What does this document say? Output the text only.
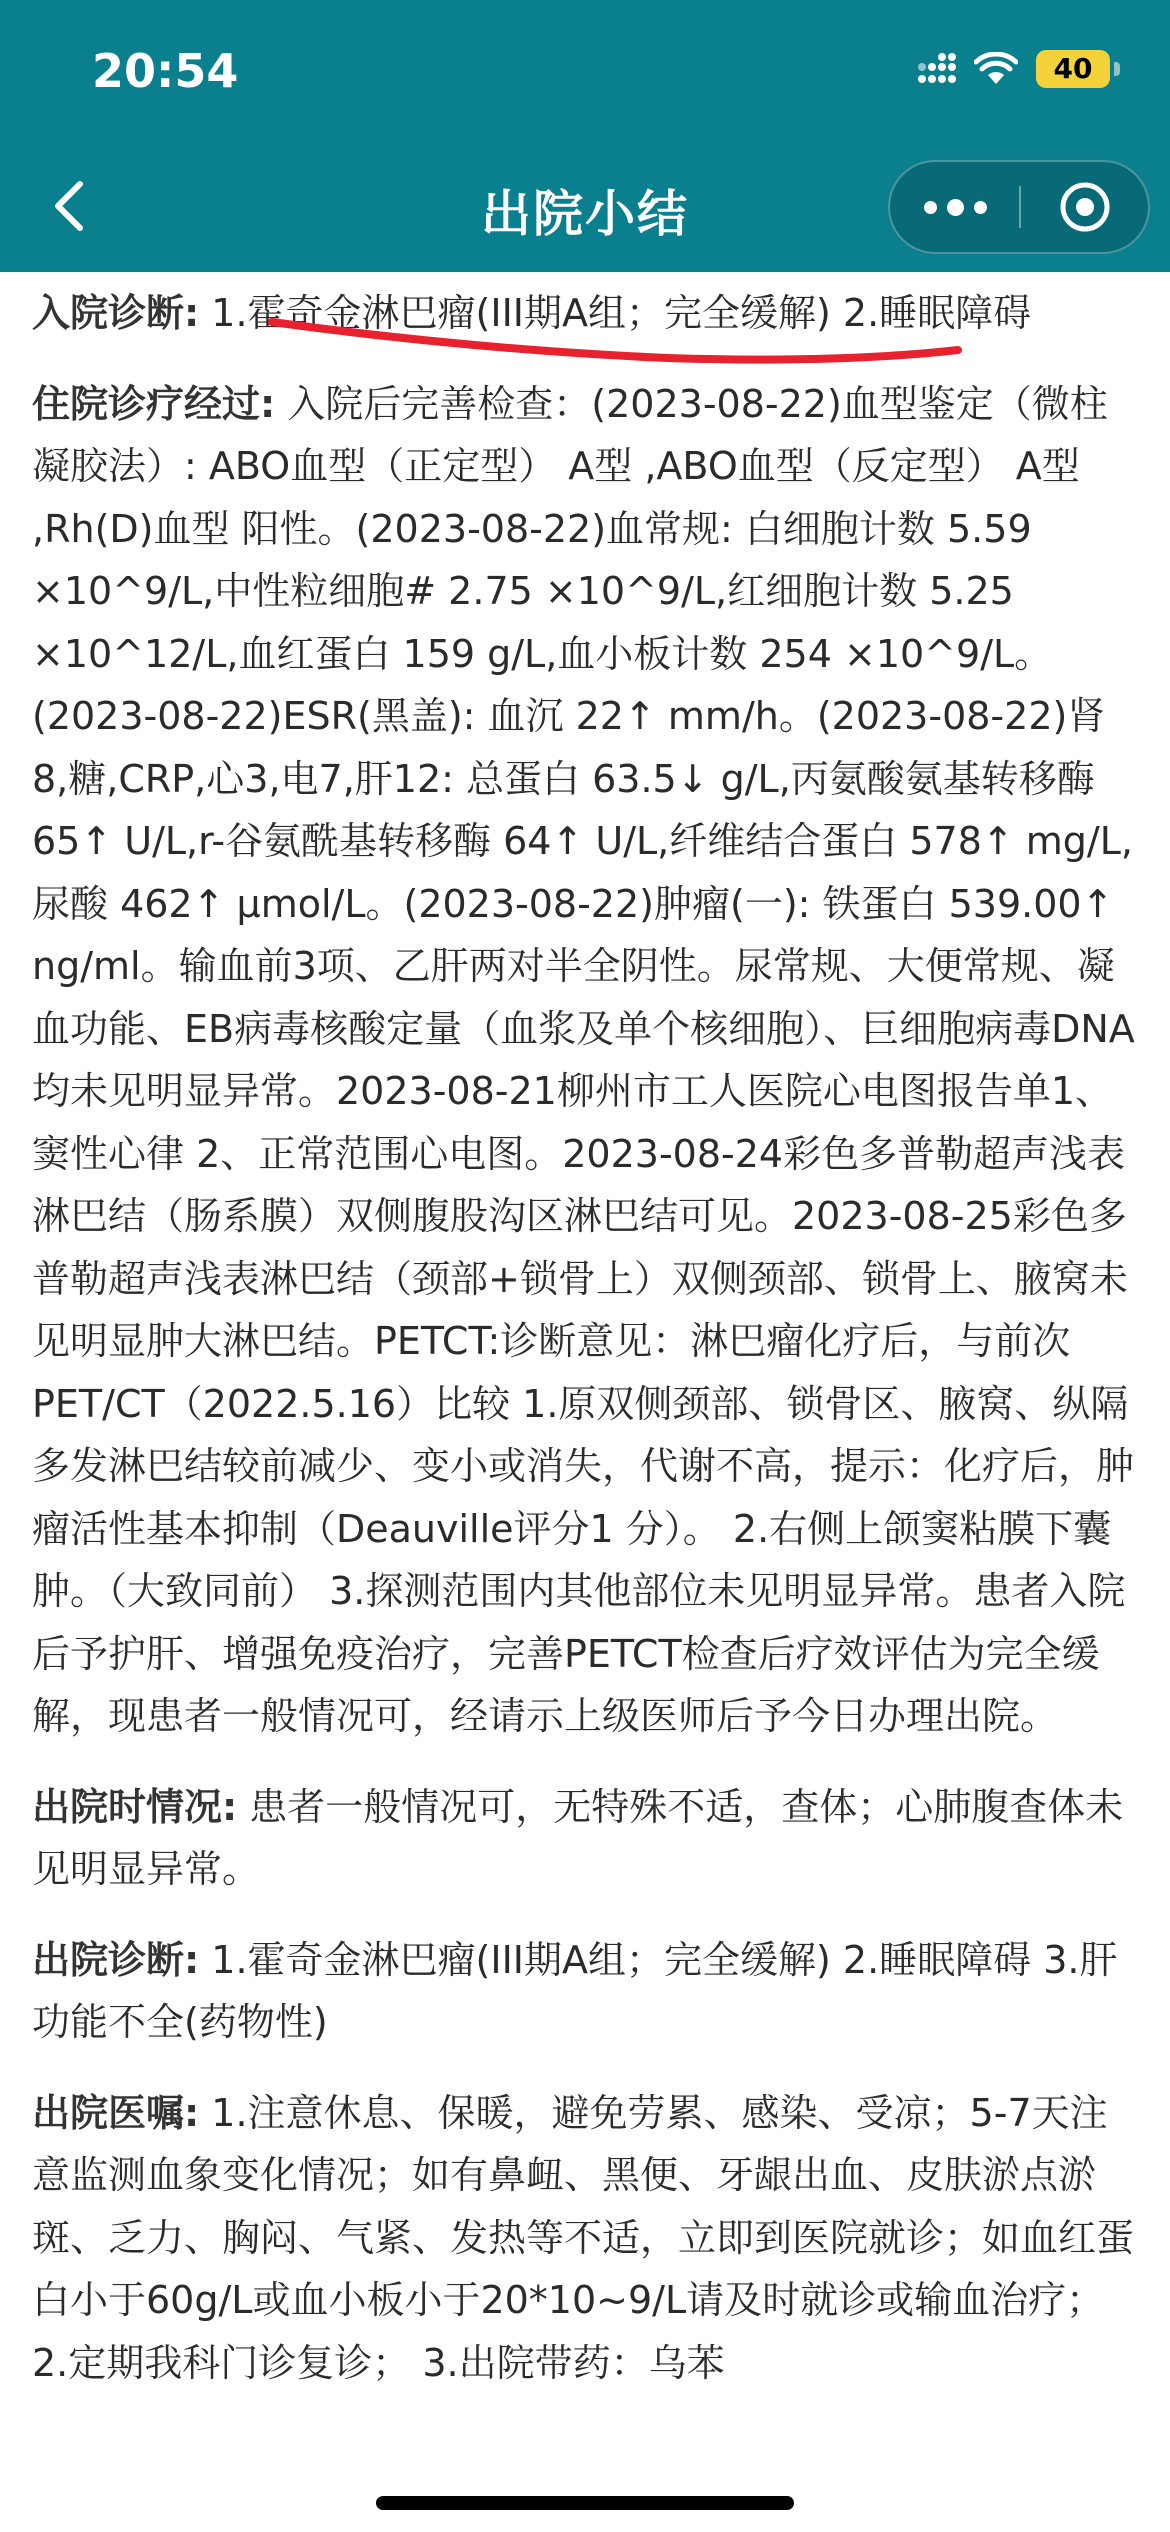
20:54	40
出院小结
入院诊断: 1.霍奇金淋巴瘤(III期A组；完全缓解) 2.睡眠障碍
住院诊疗经过: 入院后完善检查：(2023-08-22)血型鉴定（微柱凝胶法）: ABO血型（正定型） A型 ,ABO血型（反定型） A型 ,Rh(D)血型 阳性。(2023-08-22)血常规: 白细胞计数 5.59 ×10^9/L,中性粒细胞# 2.75 ×10^9/L,红细胞计数 5.25 ×10^12/L,血红蛋白 159 g/L,血小板计数 254 ×10^9/L。(2023-08-22)ESR(黑盖): 血沉 22↑ mm/h。(2023-08-22)肾8,糖,CRP,心3,电7,肝12: 总蛋白 63.5↓ g/L,丙氨酸氨基转移酶 65↑ U/L,r-谷氨酰基转移酶 64↑ U/L,纤维结合蛋白 578↑ mg/L,尿酸 462↑ μmol/L。(2023-08-22)肿瘤(一): 铁蛋白 539.00↑ ng/ml。输血前3项、乙肝两对半全阴性。尿常规、大便常规、凝血功能、EB病毒核酸定量（血浆及单个核细胞）、巨细胞病毒DNA均未见明显异常。2023-08-21柳州市工人医院心电图报告单1、窦性心律 2、正常范围心电图。2023-08-24彩色多普勒超声浅表淋巴结（肠系膜）双侧腹股沟区淋巴结可见。2023-08-25彩色多普勒超声浅表淋巴结（颈部+锁骨上）双侧颈部、锁骨上、腋窝未见明显肿大淋巴结。PETCT:诊断意见：淋巴瘤化疗后，与前次PET/CT（2022.5.16）比较 1.原双侧颈部、锁骨区、腋窝、纵隔多发淋巴结较前减少、变小或消失，代谢不高，提示：化疗后，肿瘤活性基本抑制（Deauville评分1 分）。 2.右侧上颌窦粘膜下囊肿。（大致同前） 3.探测范围内其他部位未见明显异常。患者入院后予护肝、增强免疫治疗，完善PETCT检查后疗效评估为完全缓解，现患者一般情况可，经请示上级医师后予今日办理出院。
出院时情况: 患者一般情况可，无特殊不适，查体；心肺腹查体未见明显异常。
出院诊断: 1.霍奇金淋巴瘤(III期A组；完全缓解) 2.睡眠障碍 3.肝功能不全(药物性)
出院医嘱: 1.注意休息、保暖，避免劳累、感染、受凉；5-7天注意监测血象变化情况；如有鼻衄、黑便、牙龈出血、皮肤淤点淤斑、乏力、胸闷、气紧、发热等不适，立即到医院就诊；如血红蛋白小于60g/L或血小板小于20*10~9/L请及时就诊或输血治疗； 2.定期我科门诊复诊； 3.出院带药：乌苯
